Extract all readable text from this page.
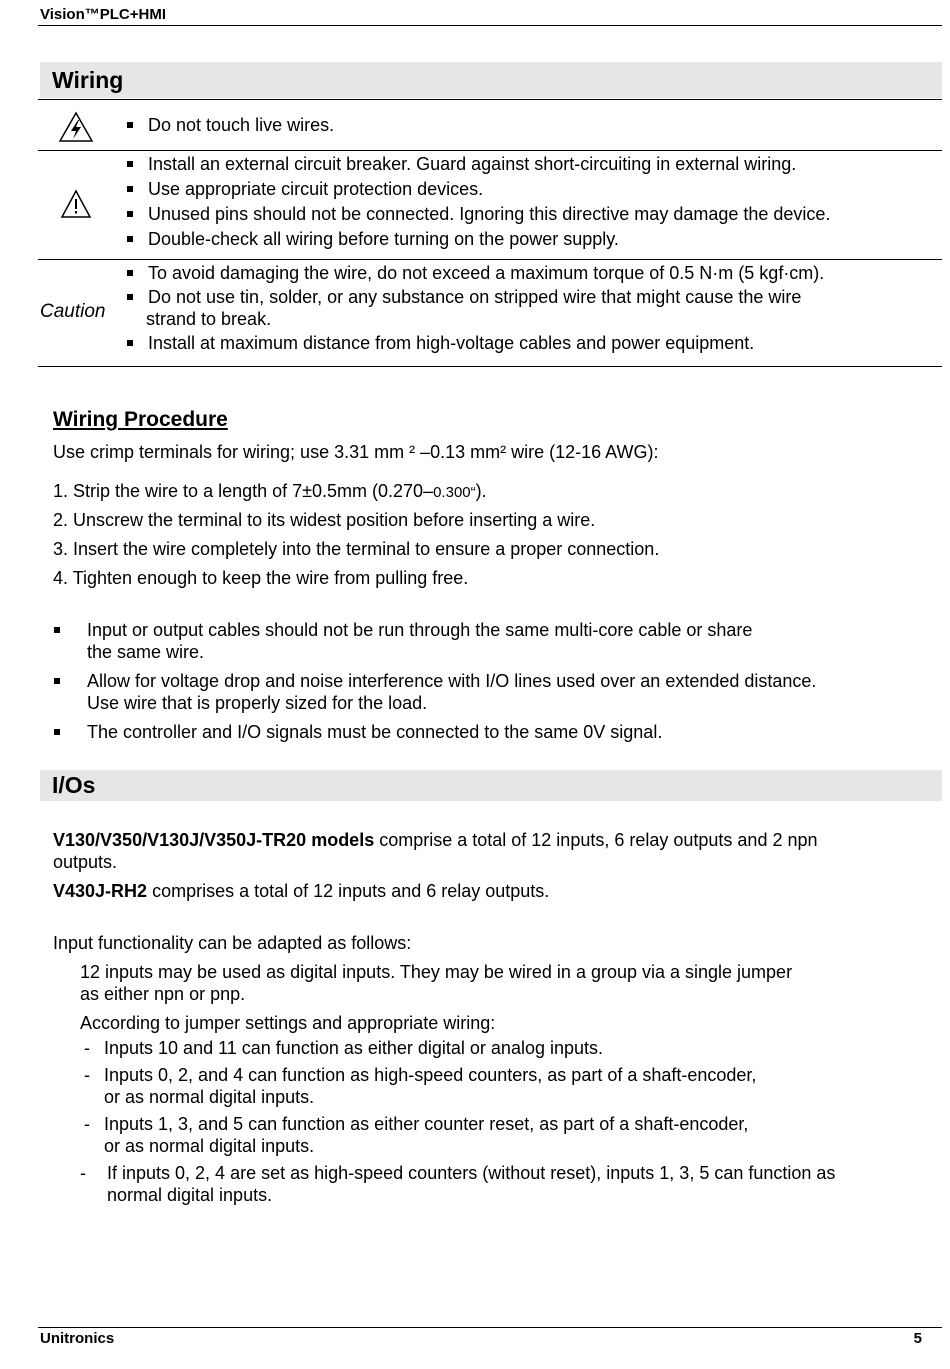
Vision™PLC+HMI
Wiring
Do not touch live wires.
Install an external circuit breaker. Guard against short-circuiting in external wiring.
Use appropriate circuit protection devices.
Unused pins should not be connected. Ignoring this directive may damage the device.
Double-check all wiring before turning on the power supply.
Caution
To avoid damaging the wire, do not exceed a maximum torque of 0.5 N·m (5 kgf·cm).
Do not use tin, solder, or any substance on stripped wire that might cause the wire
strand to break.
Install at maximum distance from high-voltage cables and power equipment.
Wiring Procedure
Use crimp terminals for wiring; use 3.31 mm ² –0.13 mm² wire (12-16 AWG):
1. Strip the wire to a length of 7±0.5mm (0.270–0.300“).
2. Unscrew the terminal to its widest position before inserting a wire.
3. Insert the wire completely into the terminal to ensure a proper connection.
4. Tighten enough to keep the wire from pulling free.
Input or output cables should not be run through the same multi-core cable or share
the same wire.
Allow for voltage drop and noise interference with I/O lines used over an extended distance.
Use wire that is properly sized for the load.
The controller and I/O signals must be connected to the same 0V signal.
I/Os
V130/V350/V130J/V350J-TR20 models comprise a total of 12 inputs, 6 relay outputs and 2 npn
outputs.
V430J-RH2 comprises a total of 12 inputs and 6 relay outputs.
Input functionality can be adapted as follows:
12 inputs may be used as digital inputs. They may be wired in a group via a single jumper
as either npn or pnp.
According to jumper settings and appropriate wiring:
- Inputs 10 and 11 can function as either digital or analog inputs.
- Inputs 0, 2, and 4 can function as high-speed counters, as part of a shaft-encoder,
or as normal digital inputs.
- Inputs 1, 3, and 5 can function as either counter reset, as part of a shaft-encoder,
or as normal digital inputs.
- If inputs 0, 2, 4 are set as high-speed counters (without reset), inputs 1, 3, 5 can function as
normal digital inputs.
Unitronics	5
